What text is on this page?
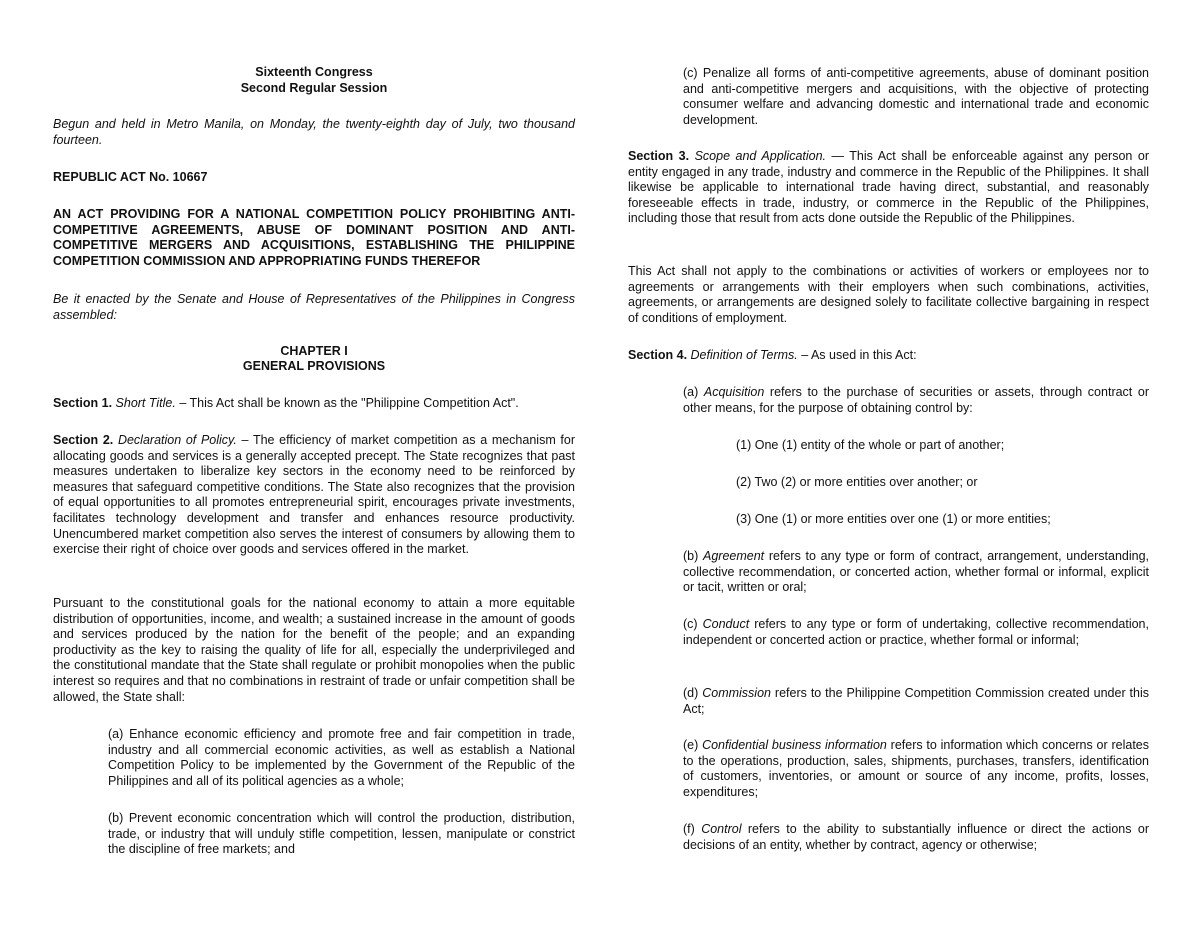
Sixteenth Congress

Second Regular Session

Begun and held in Metro Manila, on Monday, the twenty-eighth day of July, two thousand fourteen.

REPUBLIC ACT No. 10667

AN ACT PROVIDING FOR A NATIONAL COMPETITION POLICY PROHIBITING ANTI-COMPETITIVE AGREEMENTS, ABUSE OF DOMINANT POSITION AND ANTI-COMPETITIVE MERGERS AND ACQUISITIONS, ESTABLISHING THE PHILIPPINE COMPETITION COMMISSION AND APPROPRIATING FUNDS THEREFOR

Be it enacted by the Senate and House of Representatives of the Philippines in Congress assembled:

CHAPTER I

GENERAL PROVISIONS

Section 1. Short Title. – This Act shall be known as the "Philippine Competition Act".

Section 2. Declaration of Policy. – The efficiency of market competition as a mechanism for allocating goods and services is a generally accepted precept. The State recognizes that past measures undertaken to liberalize key sectors in the economy need to be reinforced by measures that safeguard competitive conditions. The State also recognizes that the provision of equal opportunities to all promotes entrepreneurial spirit, encourages private investments, facilitates technology development and transfer and enhances resource productivity. Unencumbered market competition also serves the interest of consumers by allowing them to exercise their right of choice over goods and services offered in the market.

Pursuant to the constitutional goals for the national economy to attain a more equitable distribution of opportunities, income, and wealth; a sustained increase in the amount of goods and services produced by the nation for the benefit of the people; and an expanding productivity as the key to raising the quality of life for all, especially the underprivileged and the constitutional mandate that the State shall regulate or prohibit monopolies when the public interest so requires and that no combinations in restraint of trade or unfair competition shall be allowed, the State shall:

(a) Enhance economic efficiency and promote free and fair competition in trade, industry and all commercial economic activities, as well as establish a National Competition Policy to be implemented by the Government of the Republic of the Philippines and all of its political agencies as a whole;

(b) Prevent economic concentration which will control the production, distribution, trade, or industry that will unduly stifle competition, lessen, manipulate or constrict the discipline of free markets; and

(c) Penalize all forms of anti-competitive agreements, abuse of dominant position and anti-competitive mergers and acquisitions, with the objective of protecting consumer welfare and advancing domestic and international trade and economic development.

Section 3. Scope and Application. — This Act shall be enforceable against any person or entity engaged in any trade, industry and commerce in the Republic of the Philippines. It shall likewise be applicable to international trade having direct, substantial, and reasonably foreseeable effects in trade, industry, or commerce in the Republic of the Philippines, including those that result from acts done outside the Republic of the Philippines.

This Act shall not apply to the combinations or activities of workers or employees nor to agreements or arrangements with their employers when such combinations, activities, agreements, or arrangements are designed solely to facilitate collective bargaining in respect of conditions of employment.

Section 4. Definition of Terms. – As used in this Act:

(a) Acquisition refers to the purchase of securities or assets, through contract or other means, for the purpose of obtaining control by:

(1) One (1) entity of the whole or part of another;

(2) Two (2) or more entities over another; or

(3) One (1) or more entities over one (1) or more entities;

(b) Agreement refers to any type or form of contract, arrangement, understanding, collective recommendation, or concerted action, whether formal or informal, explicit or tacit, written or oral;

(c) Conduct refers to any type or form of undertaking, collective recommendation, independent or concerted action or practice, whether formal or informal;

(d) Commission refers to the Philippine Competition Commission created under this Act;

(e) Confidential business information refers to information which concerns or relates to the operations, production, sales, shipments, purchases, transfers, identification of customers, inventories, or amount or source of any income, profits, losses, expenditures;

(f) Control refers to the ability to substantially influence or direct the actions or decisions of an entity, whether by contract, agency or otherwise;
